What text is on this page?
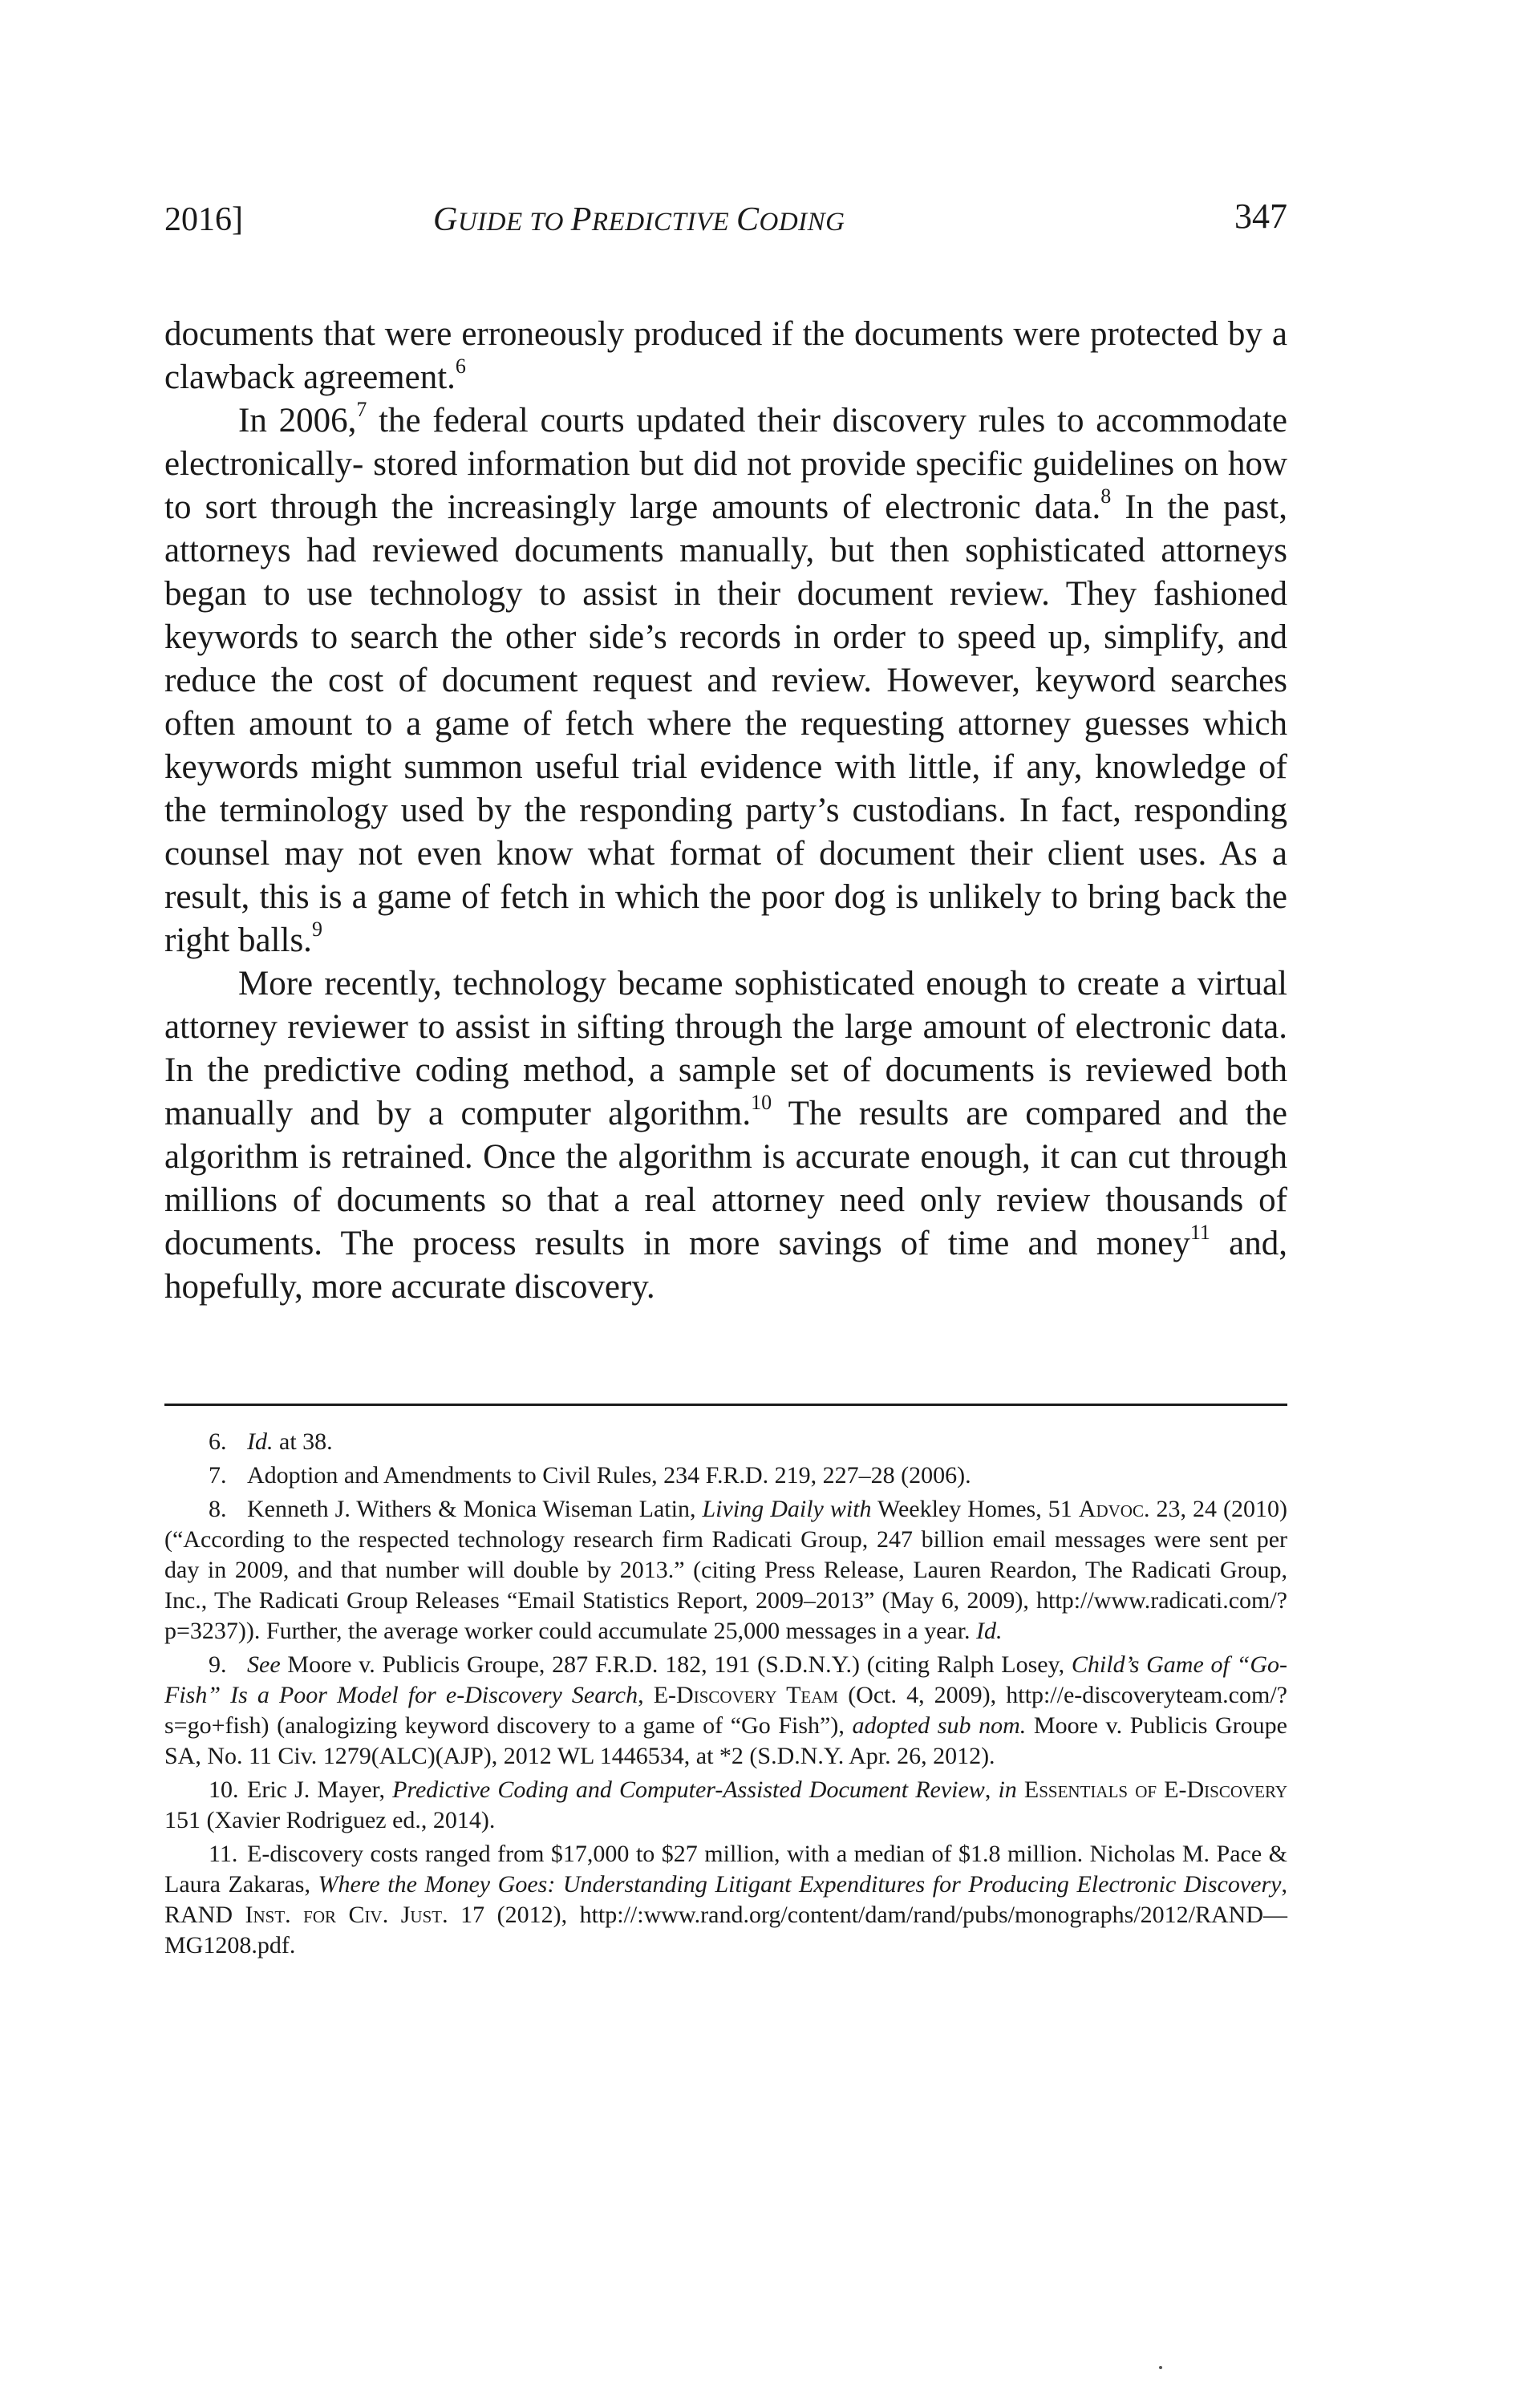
2016]	GUIDE TO PREDICTIVE CODING	347

documents that were erroneously produced if the documents were protected by a clawback agreement.$^6$

In 2006,$^7$ the federal courts updated their discovery rules to accommodate electronically- stored information but did not provide specific guidelines on how to sort through the increasingly large amounts of electronic data.$^8$ In the past, attorneys had reviewed documents manually, but then sophisticated attorneys began to use technology to assist in their document review. They fashioned keywords to search the other side’s records in order to speed up, simplify, and reduce the cost of document request and review. However, keyword searches often amount to a game of fetch where the requesting attorney guesses which keywords might summon useful trial evidence with little, if any, knowledge of the terminology used by the responding party’s custodians. In fact, responding counsel may not even know what format of document their client uses. As a result, this is a game of fetch in which the poor dog is unlikely to bring back the right balls.$^9$

More recently, technology became sophisticated enough to create a virtual attorney reviewer to assist in sifting through the large amount of electronic data. In the predictive coding method, a sample set of documents is reviewed both manually and by a computer algorithm.$^{10}$ The results are compared and the algorithm is retrained. Once the algorithm is accurate enough, it can cut through millions of documents so that a real attorney need only review thousands of documents. The process results in more savings of time and money$^{11}$ and, hopefully, more accurate discovery.

6. Id. at 38.

7. Adoption and Amendments to Civil Rules, 234 F.R.D. 219, 227–28 (2006).

8. Kenneth J. Withers & Monica Wiseman Latin, Living Daily with Weekley Homes, 51 Advoc. 23, 24 (2010) (“According to the respected technology research firm Radicati Group, 247 billion email messages were sent per day in 2009, and that number will double by 2013.” (citing Press Release, Lauren Reardon, The Radicati Group, Inc., The Radicati Group Releases “Email Statistics Report, 2009–2013” (May 6, 2009), http://www.radicati.com/?p=3237)). Further, the average worker could accumulate 25,000 messages in a year. Id.

9. See Moore v. Publicis Groupe, 287 F.R.D. 182, 191 (S.D.N.Y.) (citing Ralph Losey, Child’s Game of “Go-Fish” Is a Poor Model for e-Discovery Search, E-Discovery Team (Oct. 4, 2009), http://e-discoveryteam.com/?s=go+fish) (analogizing keyword discovery to a game of “Go Fish”), adopted sub nom. Moore v. Publicis Groupe SA, No. 11 Civ. 1279(ALC)(AJP), 2012 WL 1446534, at *2 (S.D.N.Y. Apr. 26, 2012).

10. Eric J. Mayer, Predictive Coding and Computer-Assisted Document Review, in Essentials of E-Discovery 151 (Xavier Rodriguez ed., 2014).

11. E-discovery costs ranged from $17,000 to $27 million, with a median of $1.8 million. Nicholas M. Pace & Laura Zakaras, Where the Money Goes: Understanding Litigant Expenditures for Producing Electronic Discovery, RAND Inst. for Civ. Just. 17 (2012), http://:www.rand.org/content/dam/rand/pubs/monographs/2012/RAND—MG1208.pdf.
